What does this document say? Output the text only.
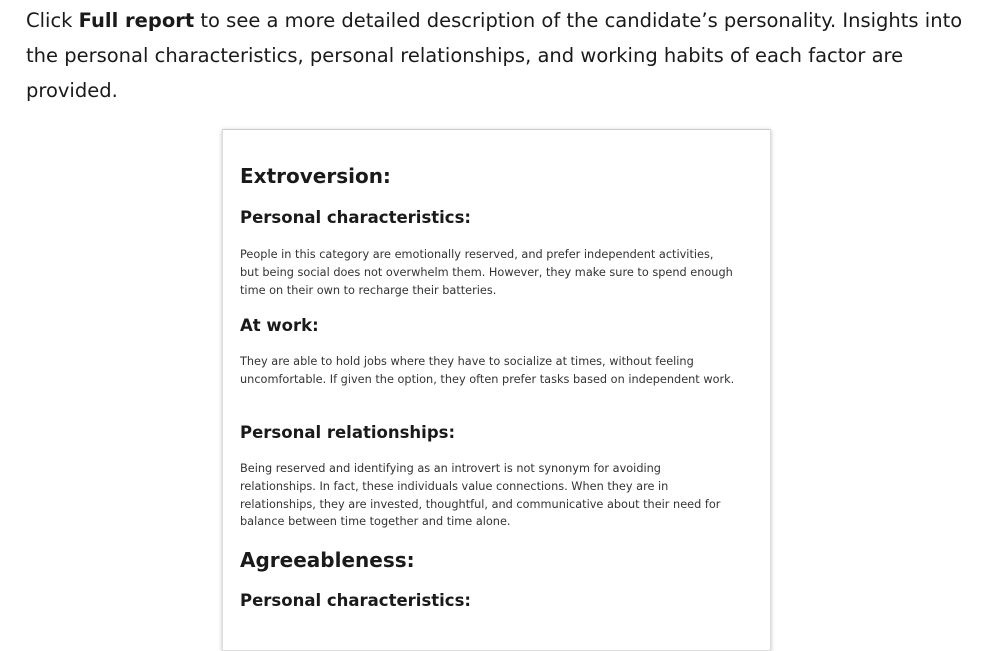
Click Full report to see a more detailed description of the candidate’s personality. Insights into the personal characteristics, personal relationships, and working habits of each factor are provided.

Extroversion:
Personal characteristics:

People in this category are emotionally reserved, and prefer independent activities, but being social does not overwhelm them. However, they make sure to spend enough time on their own to recharge their batteries.

At work:

They are able to hold jobs where they have to socialize at times, without feeling uncomfortable. If given the option, they often prefer tasks based on independent work.

Personal relationships:

Being reserved and identifying as an introvert is not synonym for avoiding relationships. In fact, these individuals value connections. When they are in relationships, they are invested, thoughtful, and communicative about their need for balance between time together and time alone.

Agreeableness:
Personal characteristics:
